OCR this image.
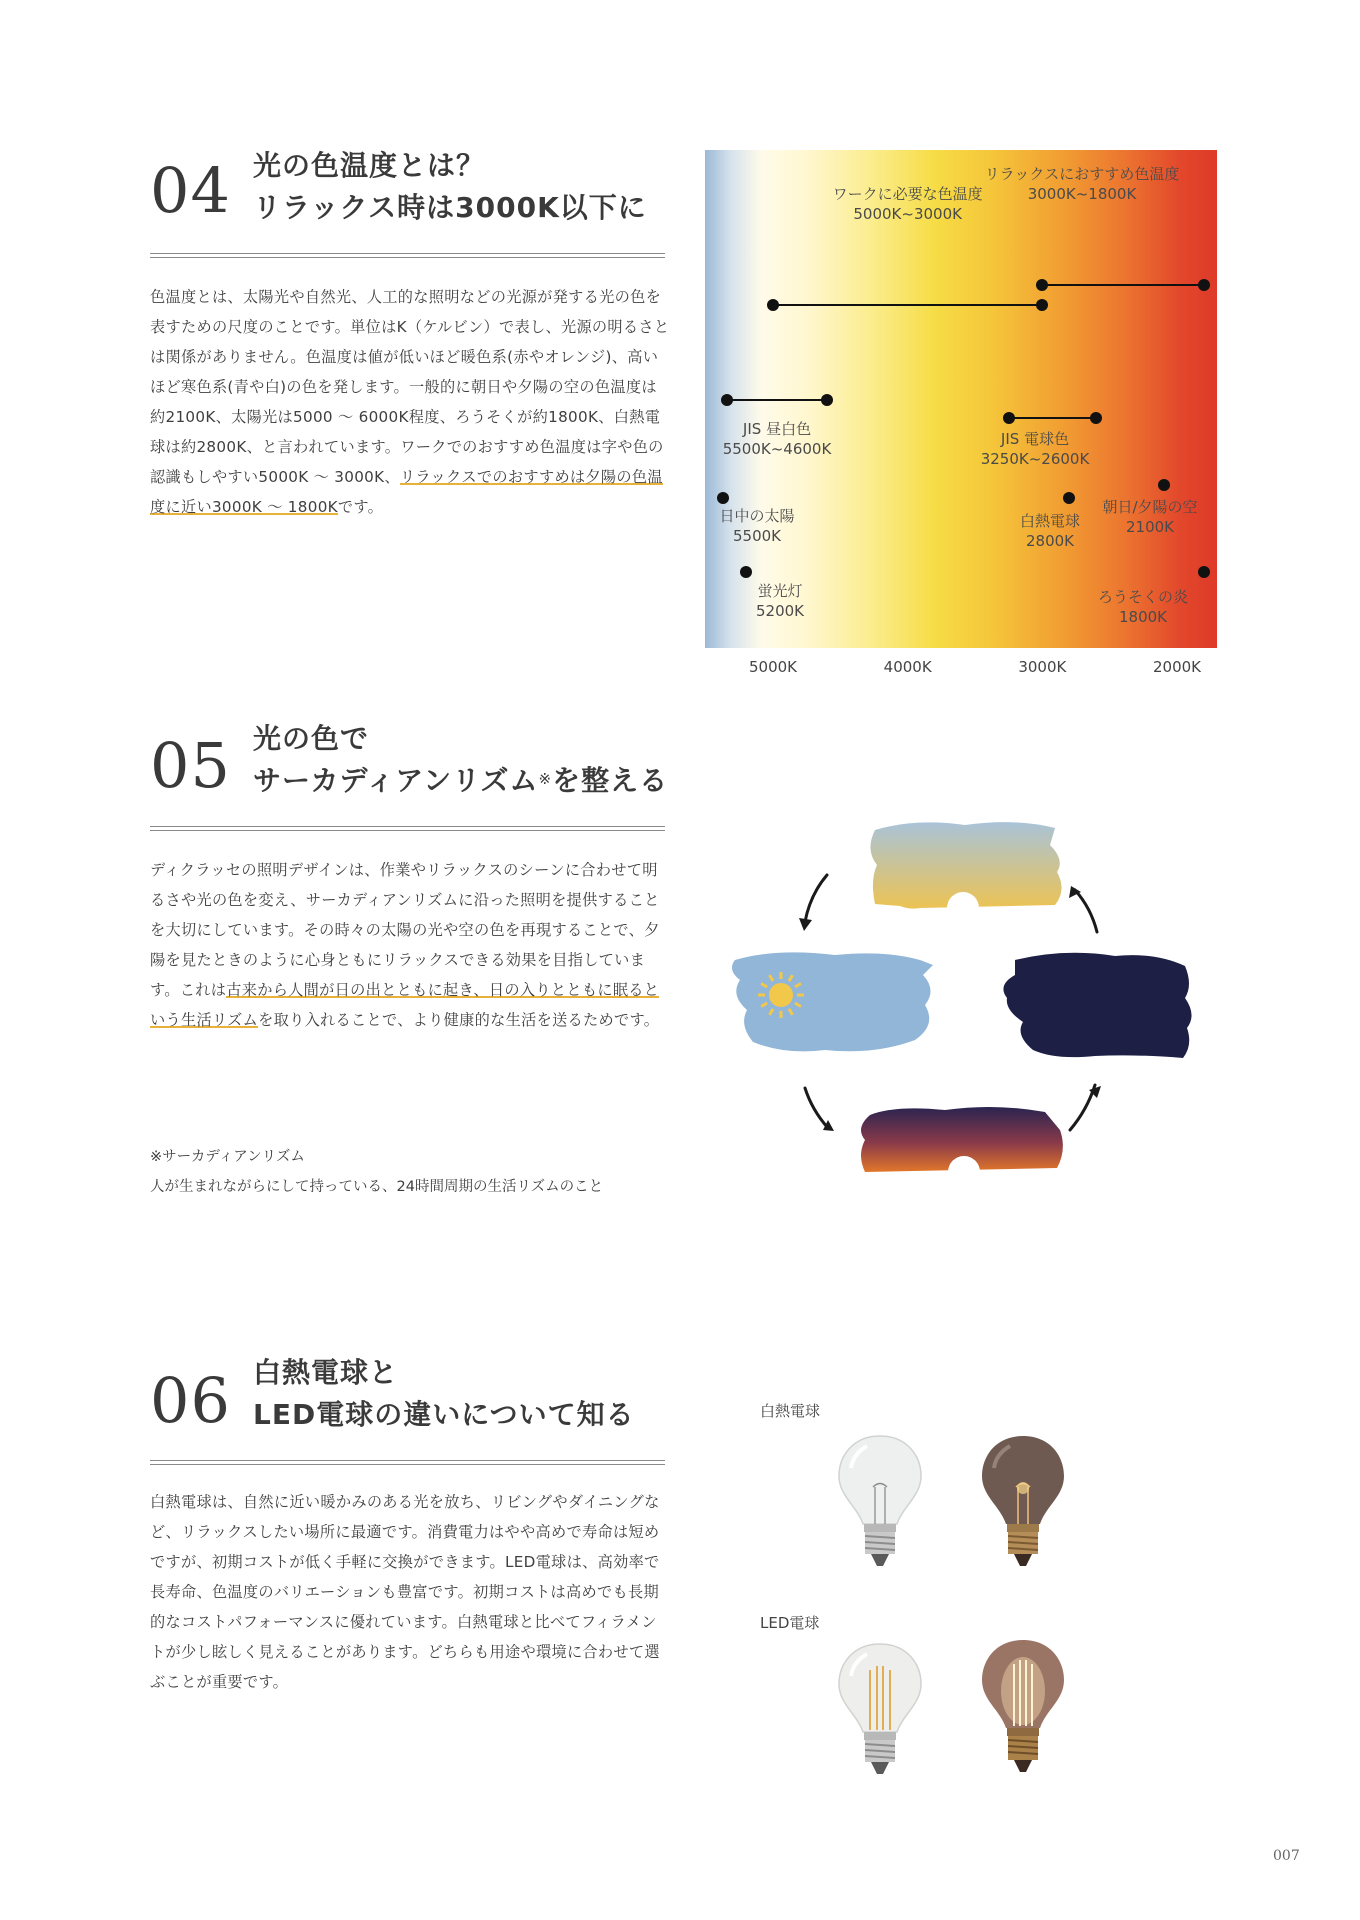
04 光の色温度とは？
リラックス時は3000K以下に

色温度とは、太陽光や自然光、人工的な照明などの光源が発する光の色を表すための尺度のことです。単位はK（ケルビン）で表し、光源の明るさとは関係がありません。色温度は値が低いほど暖色系(赤やオレンジ)、高いほど寒色系(青や白)の色を発します。一般的に朝日や夕陽の空の色温度は約2100K、太陽光は5000 ～ 6000K程度、ろうそくが約1800K、白熱電球は約2800K、と言われています。ワークでのおすすめ色温度は字や色の認識もしやすい5000K ～ 3000K、リラックスでのおすすめは夕陽の色温度に近い3000K ～ 1800Kです。

ワークに必要な色温度
5000K~3000K
リラックスにおすすめ色温度
3000K~1800K
JIS 昼白色
5500K~4600K
JIS 電球色
3250K~2600K
日中の太陽
5500K
蛍光灯
5200K
白熱電球
2800K
朝日/夕陽の空
2100K
ろうそくの炎
1800K
05 光の色で
サーカディアンリズム※を整える

ディクラッセの照明デザインは、作業やリラックスのシーンに合わせて明るさや光の色を変え、サーカディアンリズムに沿った照明を提供することを大切にしています。その時々の太陽の光や空の色を再現することで、夕陽を見たときのように心身ともにリラックスできる効果を目指しています。これは古来から人間が日の出とともに起き、日の入りとともに眠るという生活リズムを取り入れることで、より健康的な生活を送るためです。

※サーカディアンリズム
人が生まれながらにして持っている、24時間周期の生活リズムのこと
06 白熱電球と
LED電球の違いについて知る
白熱電球は、自然に近い暖かみのある光を放ち、リビングやダイニングなど、リラックスしたい場所に最適です。消費電力はやや高めで寿命は短めですが、初期コストが低く手軽に交換ができます。LED電球は、高効率で長寿命、色温度のバリエーションも豊富です。初期コストは高めでも長期的なコストパフォーマンスに優れています。白熱電球と比べてフィラメントが少し眩しく見えることがあります。どちらも用途や環境に合わせて選ぶことが重要です。
白熱電球
LED電球
007
5000K	4000K	3000K	2000K
